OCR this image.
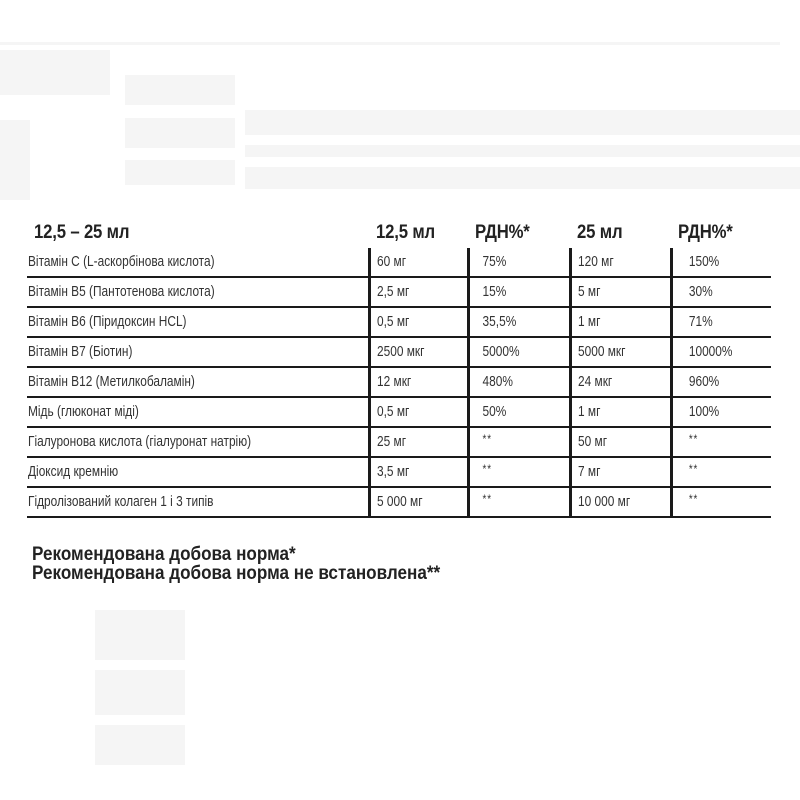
12,5 – 25 мл	12,5 мл	РДН%*	25 мл	РДН%*
Вітамін С (L-аскорбінова кислота)	60 мг	75%	120 мг	150%
Вітамін В5 (Пантотенова кислота)	2,5 мг	15%	5 мг	30%
Вітамін В6 (Піридоксин HCL)	0,5 мг	35,5%	1 мг	71%
Вітамін В7 (Біотин)	2500 мкг	5000%	5000 мкг	10000%
Вітамін В12 (Метилкобаламін)	12 мкг	480%	24 мкг	960%
Мідь (глюконат міді)	0,5 мг	50%	1 мг	100%
Гіалуронова кислота (гіалуронат натрію)	25 мг	**	50 мг	**
Діоксид кремнію	3,5 мг	**	7 мг	**
Гідролізований колаген 1 і 3 типів	5 000 мг	**	10 000 мг	**
Рекомендована добова норма*
Рекомендована добова норма не встановлена**
